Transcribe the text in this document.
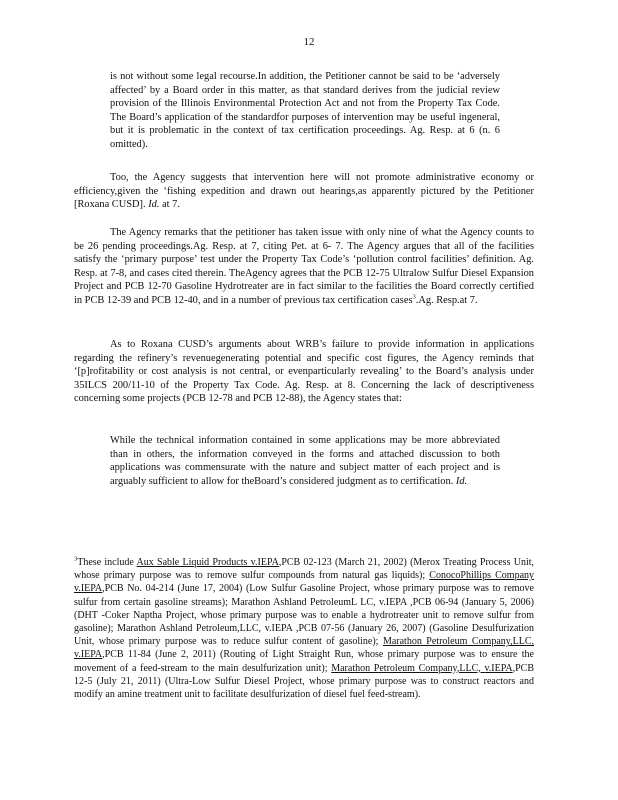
12

is not without some legal recourse.In addition, the Petitioner cannot be said to be ‘adversely affected’ by a Board order in this matter, as that standard derives from the judicial review provision of the Illinois Environmental Protection Act and not from the Property Tax Code. The Board’s application of the standardfor purposes of intervention may be useful ingeneral, but it is problematic in the context of tax certification proceedings. Ag. Resp. at 6 (n. 6 omitted).

Too, the Agency suggests that intervention here will not promote administrative economy or efficiency,given the ‘fishing expedition and drawn out hearings,as apparently pictured by the Petitioner [Roxana CUSD]. Id. at 7.

The Agency remarks that the petitioner has taken issue with only nine of what the Agency counts to be 26 pending proceedings.Ag. Resp. at 7, citing Pet. at 6- 7. The Agency argues that all of the facilities satisfy the ‘primary purpose’ test under the Property Tax Code’s ‘pollution control facilities’ definition. Ag. Resp. at 7-8, and cases cited therein. TheAgency agrees that the PCB 12-75 Ultralow Sulfur Diesel Expansion Project and PCB 12-70 Gasoline Hydrotreater are in fact similar to the facilities the Board correctly certified in PCB 12-39 and PCB 12-40, and in a number of previous tax certification cases$^3$.Ag. Resp.at 7.

As to Roxana CUSD’s arguments about WRB’s failure to provide information in applications regarding the refinery’s revenuegenerating potential and specific cost figures, the Agency reminds that ‘[p]rofitability or cost analysis is not central, or evenparticularly revealing’ to the Board’s analysis under 35ILCS 200/11-10 of the Property Tax Code. Ag. Resp. at 8. Concerning the lack of descriptiveness concerning some projects (PCB 12-78 and PCB 12-88), the Agency states that:

While the technical information contained in some applications may be more abbreviated than in others, the information conveyed in the forms and attached discussion to both applications was commensurate with the nature and subject matter of each project and is arguably sufficient to allow for theBoard’s considered judgment as to certification. Id.

$^3$These include Aux Sable Liquid Products v.IEPA,PCB 02-123 (March 21, 2002) (Merox Treating Process Unit, whose primary purpose was to remove sulfur compounds from natural gas liquids); ConocoPhillips Company v.IEPA,PCB No. 04-214 (June 17, 2004) (Low Sulfur Gasoline Project, whose primary purpose was to remove sulfur from certain gasoline streams); Marathon Ashland PetroleumL LC, v.IEPA ,PCB 06-94 (January 5, 2006) (DHT -Coker Naptha Project, whose primary purpose was to enable a hydrotreater unit to remove sulfur from gasoline); Marathon Ashland Petroleum,LLC, v.IEPA ,PCB 07-56 (January 26, 2007) (Gasoline Desulfurization Unit, whose primary purpose was to reduce sulfur content of gasoline); Marathon Petroleum Company,LLC, v.IEPA,PCB 11-84 (June 2, 2011) (Routing of Light Straight Run, whose primary purpose was to ensure the movement of a feed-stream to the main desulfurization unit); Marathon Petroleum Company,LLC, v.IEPA,PCB 12-5 (July 21, 2011) (Ultra-Low Sulfur Diesel Project, whose primary purpose was to construct reactors and modify an amine treatment unit to facilitate desulfurization of diesel fuel feed-stream).
